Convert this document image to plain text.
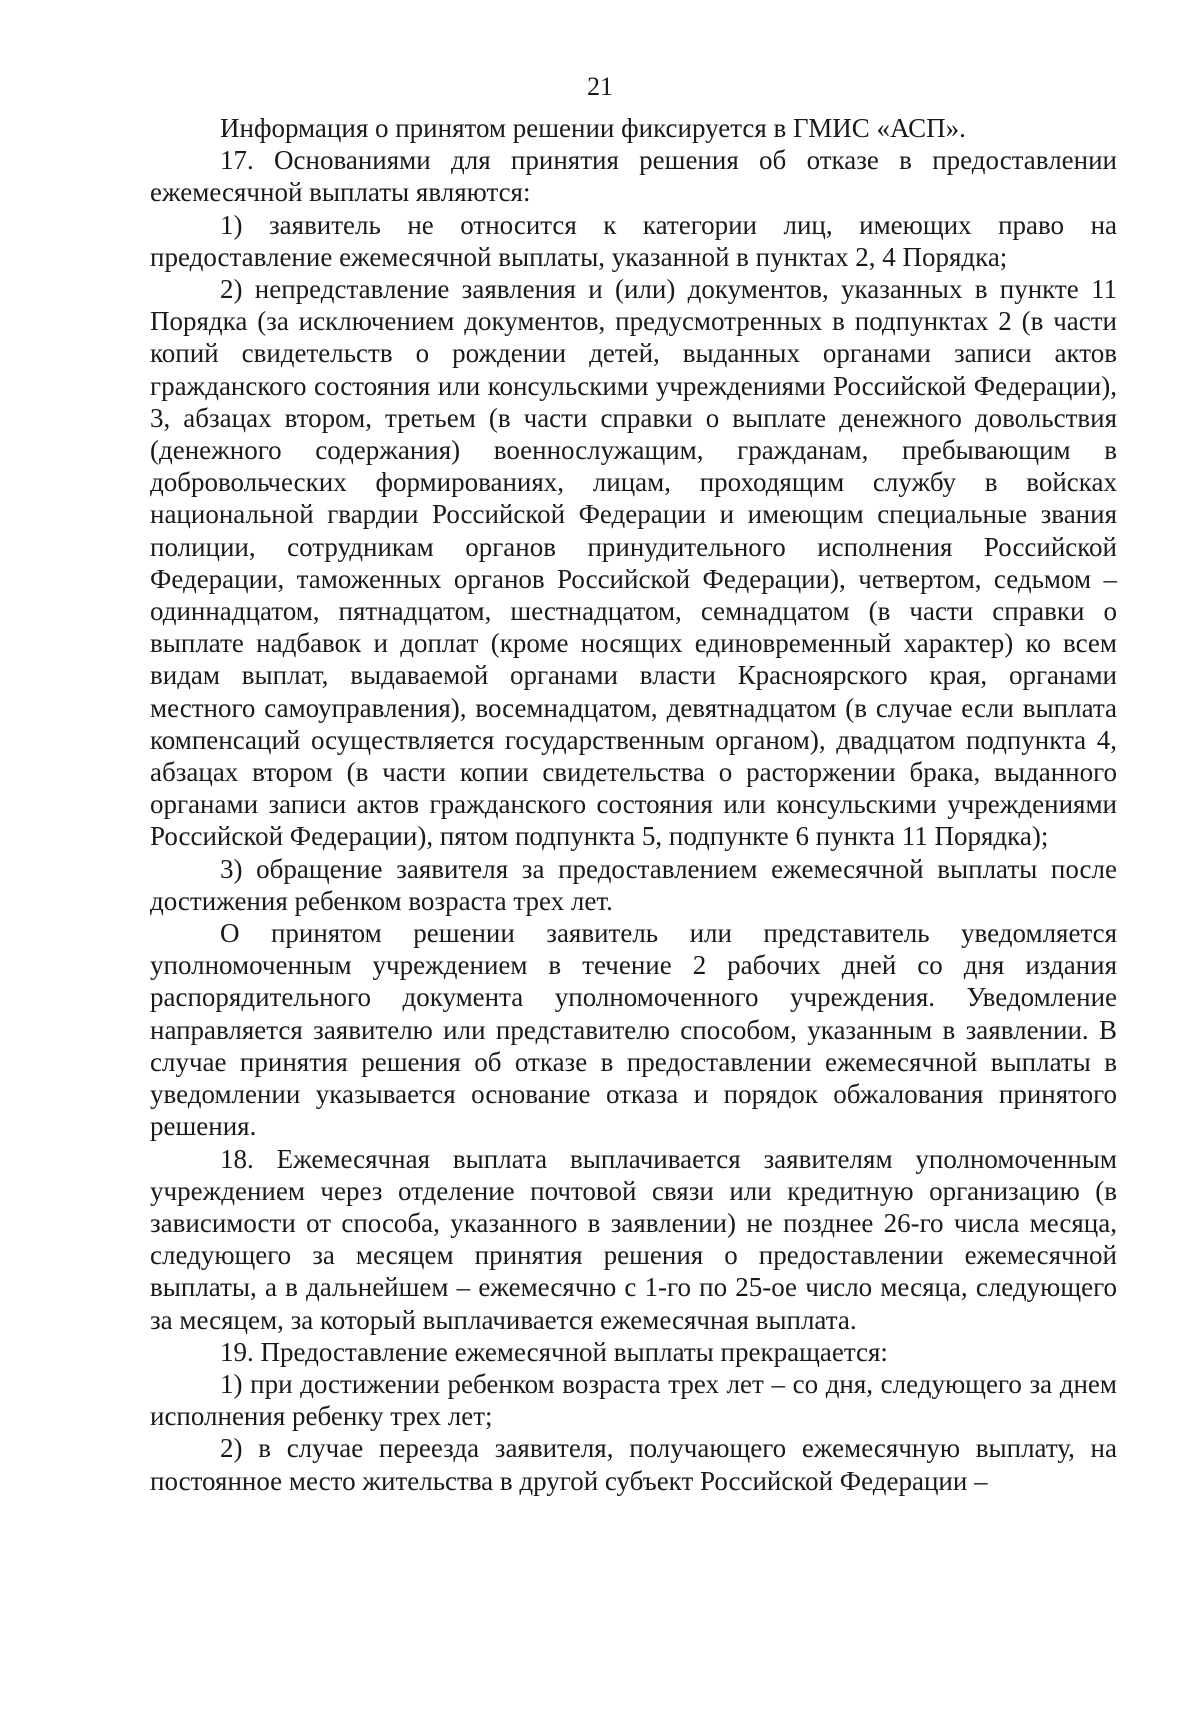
21

Информация о принятом решении фиксируется в ГМИС «АСП».

17. Основаниями для принятия решения об отказе в предоставлении ежемесячной выплаты являются:

1) заявитель не относится к категории лиц, имеющих право на предоставление ежемесячной выплаты, указанной в пунктах 2, 4 Порядка;

2) непредставление заявления и (или) документов, указанных в пункте 11 Порядка (за исключением документов, предусмотренных в подпунктах 2 (в части копий свидетельств о рождении детей, выданных органами записи актов гражданского состояния или консульскими учреждениями Российской Федерации), 3, абзацах втором, третьем (в части справки о выплате денежного довольствия (денежного содержания) военнослужащим, гражданам, пребывающим в добровольческих формированиях, лицам, проходящим службу в войсках национальной гвардии Российской Федерации и имеющим специальные звания полиции, сотрудникам органов принудительного исполнения Российской Федерации, таможенных органов Российской Федерации), четвертом, седьмом – одиннадцатом, пятнадцатом, шестнадцатом, семнадцатом (в части справки о выплате надбавок и доплат (кроме носящих единовременный характер) ко всем видам выплат, выдаваемой органами власти Красноярского края, органами местного самоуправления), восемнадцатом, девятнадцатом (в случае если выплата компенсаций осуществляется государственным органом), двадцатом подпункта 4, абзацах втором (в части копии свидетельства о расторжении брака, выданного органами записи актов гражданского состояния или консульскими учреждениями Российской Федерации), пятом подпункта 5, подпункте 6 пункта 11 Порядка);

3) обращение заявителя за предоставлением ежемесячной выплаты после достижения ребенком возраста трех лет.

О принятом решении заявитель или представитель уведомляется уполномоченным учреждением в течение 2 рабочих дней со дня издания распорядительного документа уполномоченного учреждения. Уведомление направляется заявителю или представителю способом, указанным в заявлении. В случае принятия решения об отказе в предоставлении ежемесячной выплаты в уведомлении указывается основание отказа и порядок обжалования принятого решения.

18. Ежемесячная выплата выплачивается заявителям уполномоченным учреждением через отделение почтовой связи или кредитную организацию (в зависимости от способа, указанного в заявлении) не позднее 26-го числа месяца, следующего за месяцем принятия решения о предоставлении ежемесячной выплаты, а в дальнейшем – ежемесячно с 1-го по 25-ое число месяца, следующего за месяцем, за который выплачивается ежемесячная выплата.

19. Предоставление ежемесячной выплаты прекращается:

1) при достижении ребенком возраста трех лет – со дня, следующего за днем исполнения ребенку трех лет;

2) в случае переезда заявителя, получающего ежемесячную выплату, на постоянное место жительства в другой субъект Российской Федерации –
